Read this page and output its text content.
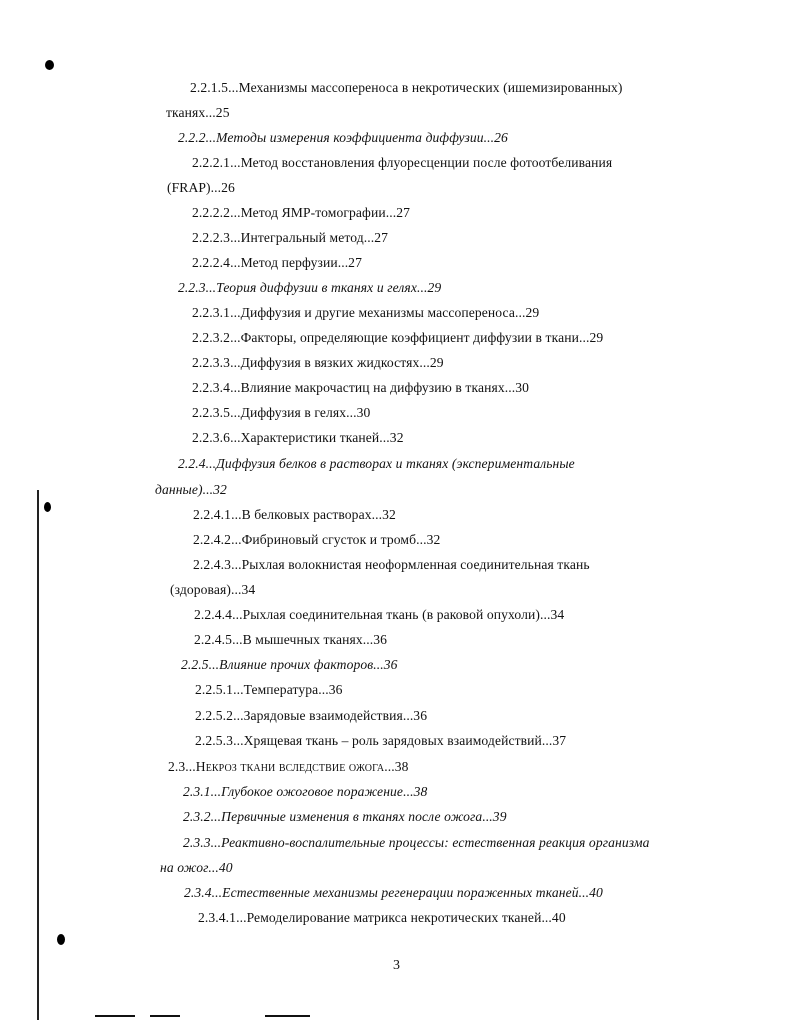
2.2.1.5...Механизмы массопереноса в некротических (ишемизированных)
тканях...25
2.2.2...Методы измерения коэффициента диффузии...26
2.2.2.1...Метод восстановления флуоресценции после фотоотбеливания
(FRAP)...26
2.2.2.2...Метод ЯМР-томографии...27
2.2.2.3...Интегральный метод...27
2.2.2.4...Метод перфузии...27
2.2.3...Теория диффузии в тканях и гелях...29
2.2.3.1...Диффузия и другие механизмы массопереноса...29
2.2.3.2...Факторы, определяющие коэффициент диффузии в ткани...29
2.2.3.3...Диффузия в вязких жидкостях...29
2.2.3.4...Влияние макрочастиц на диффузию в тканях...30
2.2.3.5...Диффузия в гелях...30
2.2.3.6...Характеристики тканей...32
2.2.4...Диффузия белков в растворах и тканях (экспериментальные
данные)...32
2.2.4.1...В белковых растворах...32
2.2.4.2...Фибриновый сгусток и тромб...32
2.2.4.3...Рыхлая волокнистая неоформленная соединительная ткань
(здоровая)...34
2.2.4.4...Рыхлая соединительная ткань (в раковой опухоли)...34
2.2.4.5...В мышечных тканях...36
2.2.5...Влияние прочих факторов...36
2.2.5.1...Температура...36
2.2.5.2...Зарядовые взаимодействия...36
2.2.5.3...Хрящевая ткань – роль зарядовых взаимодействий...37
2.3...Некроз ткани вследствие ожога...38
2.3.1...Глубокое ожоговое поражение...38
2.3.2...Первичные изменения в тканях после ожога...39
2.3.3...Реактивно-воспалительные процессы: естественная реакция организма
на ожог...40
2.3.4...Естественные механизмы регенерации пораженных тканей...40
2.3.4.1...Ремоделирование матрикса некротических тканей...40
3
